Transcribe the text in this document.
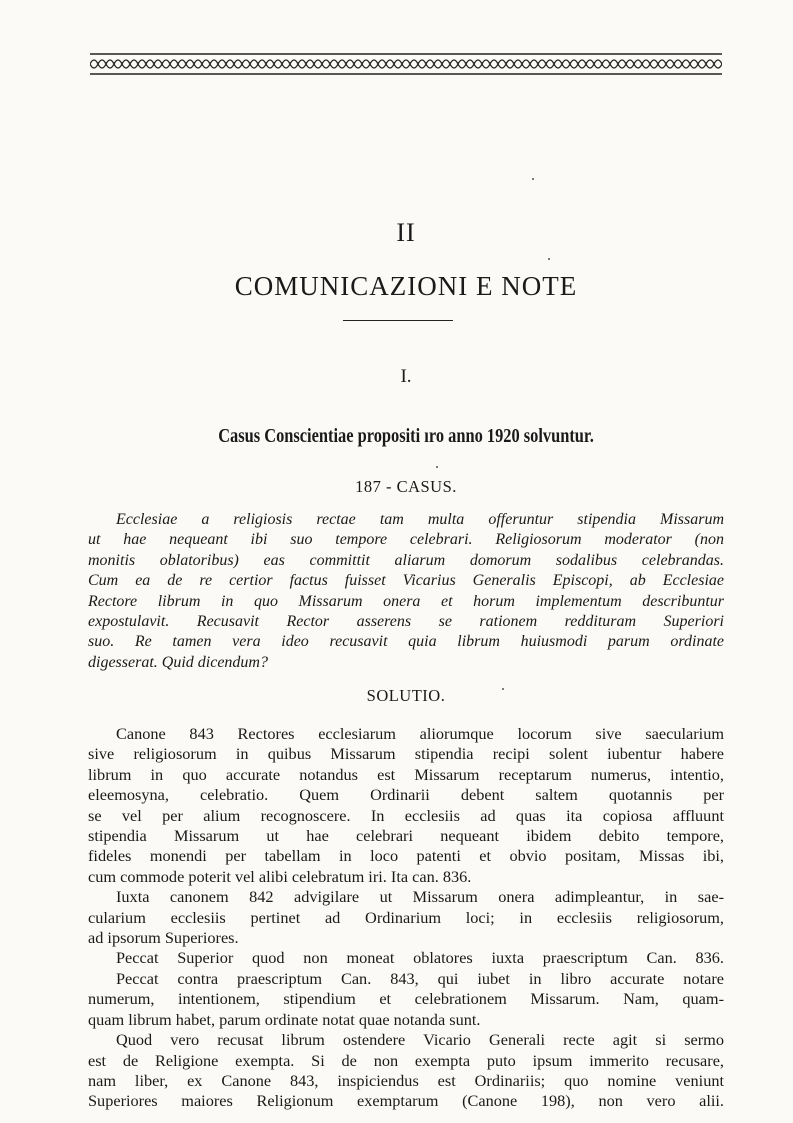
II
COMUNICAZIONI E NOTE
I.
Casus Conscientiae propositi ıro anno 1920 solvuntur.
187 - CASUS.
Ecclesiae a religiosis rectae tam multa offeruntur stipendia Missarum
ut hae nequeant ibi suo tempore celebrari. Religiosorum moderator (non
monitis oblatoribus) eas committit aliarum domorum sodalibus celebrandas.
Cum ea de re certior factus fuisset Vicarius Generalis Episcopi, ab Ecclesiae
Rectore librum in quo Missarum onera et horum implementum describuntur
expostulavit. Recusavit Rector asserens se rationem reddituram Superiori
suo. Re tamen vera ideo recusavit quia librum huiusmodi parum ordinate
digesserat. Quid dicendum?
SOLUTIO.
Canone 843 Rectores ecclesiarum aliorumque locorum sive saecularium
sive religiosorum in quibus Missarum stipendia recipi solent iubentur habere
librum in quo accurate notandus est Missarum receptarum numerus, intentio,
eleemosyna, celebratio. Quem Ordinarii debent saltem quotannis per
se vel per alium recognoscere. In ecclesiis ad quas ita copiosa affluunt
stipendia Missarum ut hae celebrari nequeant ibidem debito tempore,
fideles monendi per tabellam in loco patenti et obvio positam, Missas ibi,
cum commode poterit vel alibi celebratum iri. Ita can. 836.
Iuxta canonem 842 advigilare ut Missarum onera adimpleantur, in sae-
cularium ecclesiis pertinet ad Ordinarium loci; in ecclesiis religiosorum,
ad ipsorum Superiores.
Peccat Superior quod non moneat oblatores iuxta praescriptum Can. 836.
Peccat contra praescriptum Can. 843, qui iubet in libro accurate notare
numerum, intentionem, stipendium et celebrationem Missarum. Nam, quam-
quam librum habet, parum ordinate notat quae notanda sunt.
Quod vero recusat librum ostendere Vicario Generali recte agit si sermo
est de Religione exempta. Si de non exempta puto ipsum immerito recusare,
nam liber, ex Canone 843, inspiciendus est Ordinariis; quo nomine veniunt
Superiores maiores Religionum exemptarum (Canone 198), non vero alii.
